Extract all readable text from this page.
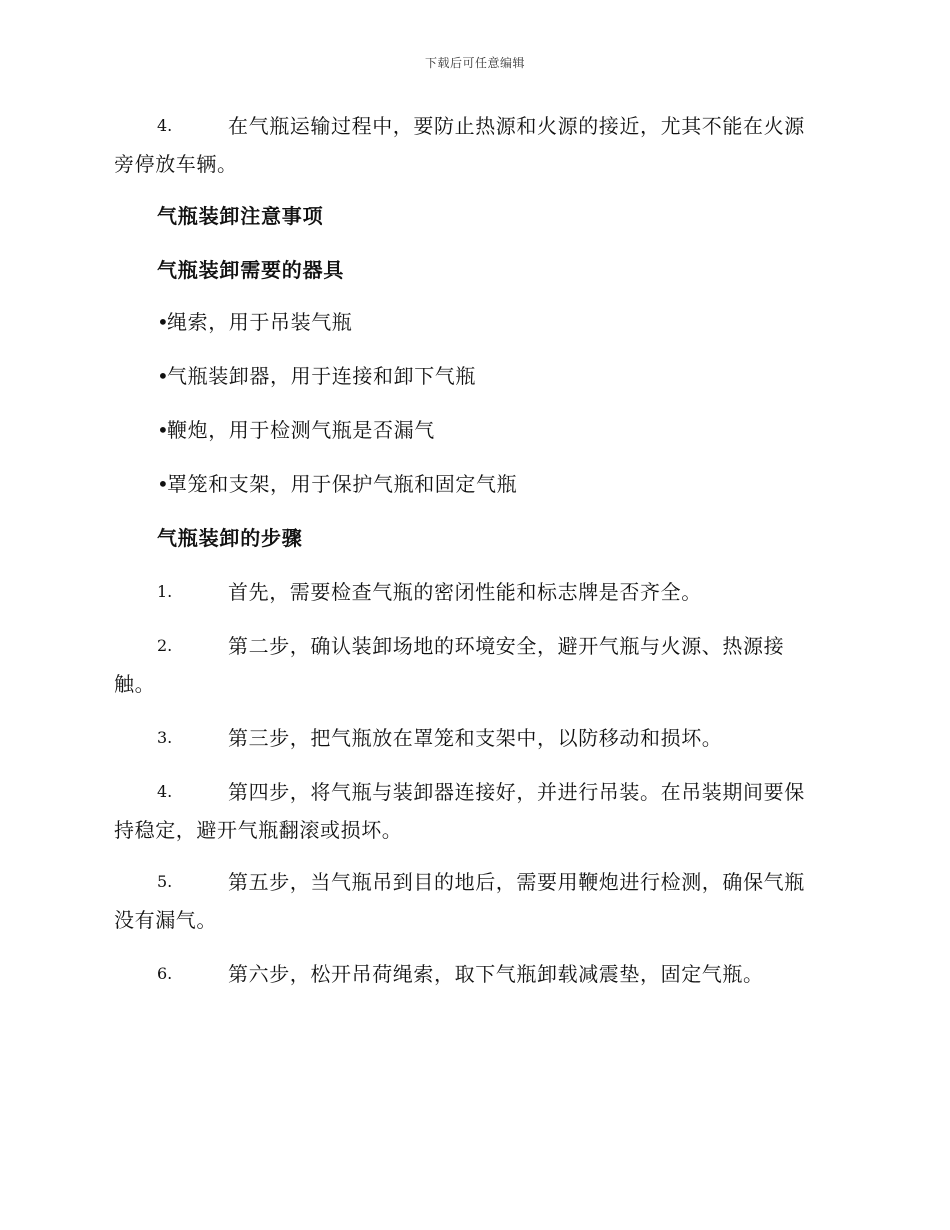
下载后可任意编辑
4.	在气瓶运输过程中，要防止热源和火源的接近，尤其不能在火源
旁停放车辆。
气瓶装卸注意事项
气瓶装卸需要的器具
•绳索，用于吊装气瓶
•气瓶装卸器，用于连接和卸下气瓶
•鞭炮，用于检测气瓶是否漏气
•罩笼和支架，用于保护气瓶和固定气瓶
气瓶装卸的步骤
1.	首先，需要检查气瓶的密闭性能和标志牌是否齐全。
2.	第二步，确认装卸场地的环境安全，避开气瓶与火源、热源接
触。
3.	第三步，把气瓶放在罩笼和支架中，以防移动和损坏。
4.	第四步，将气瓶与装卸器连接好，并进行吊装。在吊装期间要保
持稳定，避开气瓶翻滚或损坏。
5.	第五步，当气瓶吊到目的地后，需要用鞭炮进行检测，确保气瓶
没有漏气。
6.	第六步，松开吊荷绳索，取下气瓶卸载减震垫，固定气瓶。
